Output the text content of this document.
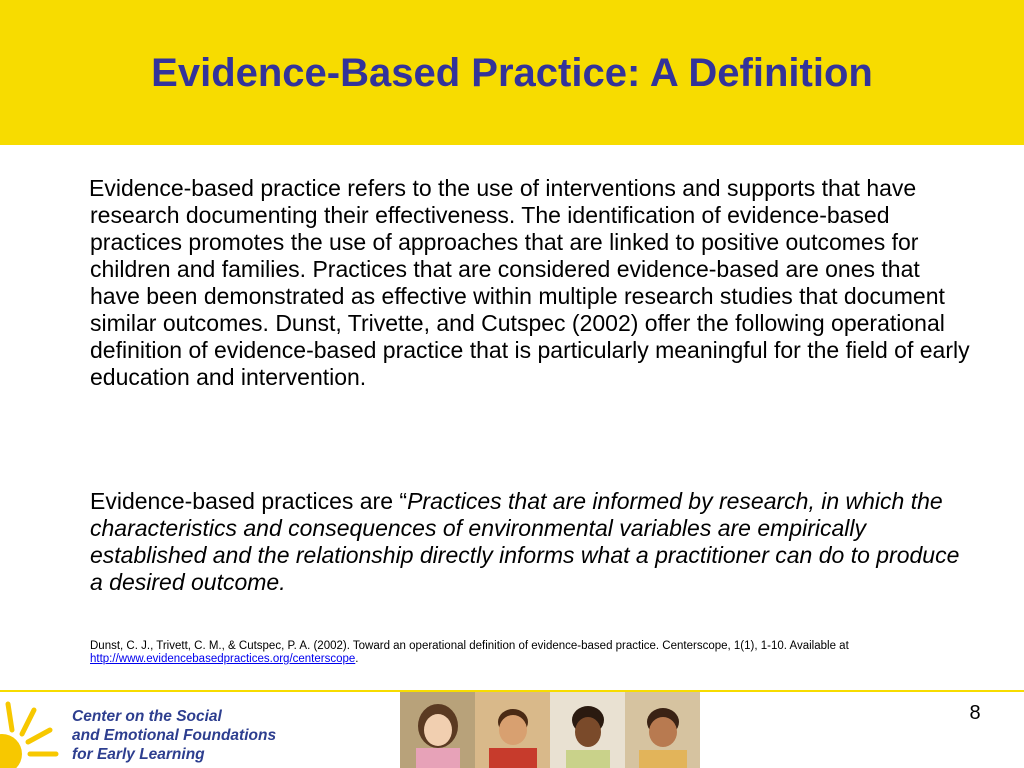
Evidence-Based Practice: A Definition

Evidence-based practice refers to the use of interventions and supports that have research documenting their effectiveness. The identification of evidence-based practices promotes the use of approaches that are linked to positive outcomes for children and families. Practices that are considered evidence-based are ones that have been demonstrated as effective within multiple research studies that document similar outcomes. Dunst, Trivette, and Cutspec (2002) offer the following operational definition of evidence-based practice that is particularly meaningful for the field of early education and intervention.

Evidence-based practices are “Practices that are informed by research, in which the characteristics and consequences of environmental variables are empirically established and the relationship directly informs what a practitioner can do to produce a desired outcome.

Dunst, C. J., Trivett, C. M., & Cutspec, P. A. (2002). Toward an operational definition of evidence-based practice. Centerscope, 1(1), 1-10. Available at http://www.evidencebasedpractices.org/centerscope.

Center on the Social
and Emotional Foundations
for Early Learning
8
